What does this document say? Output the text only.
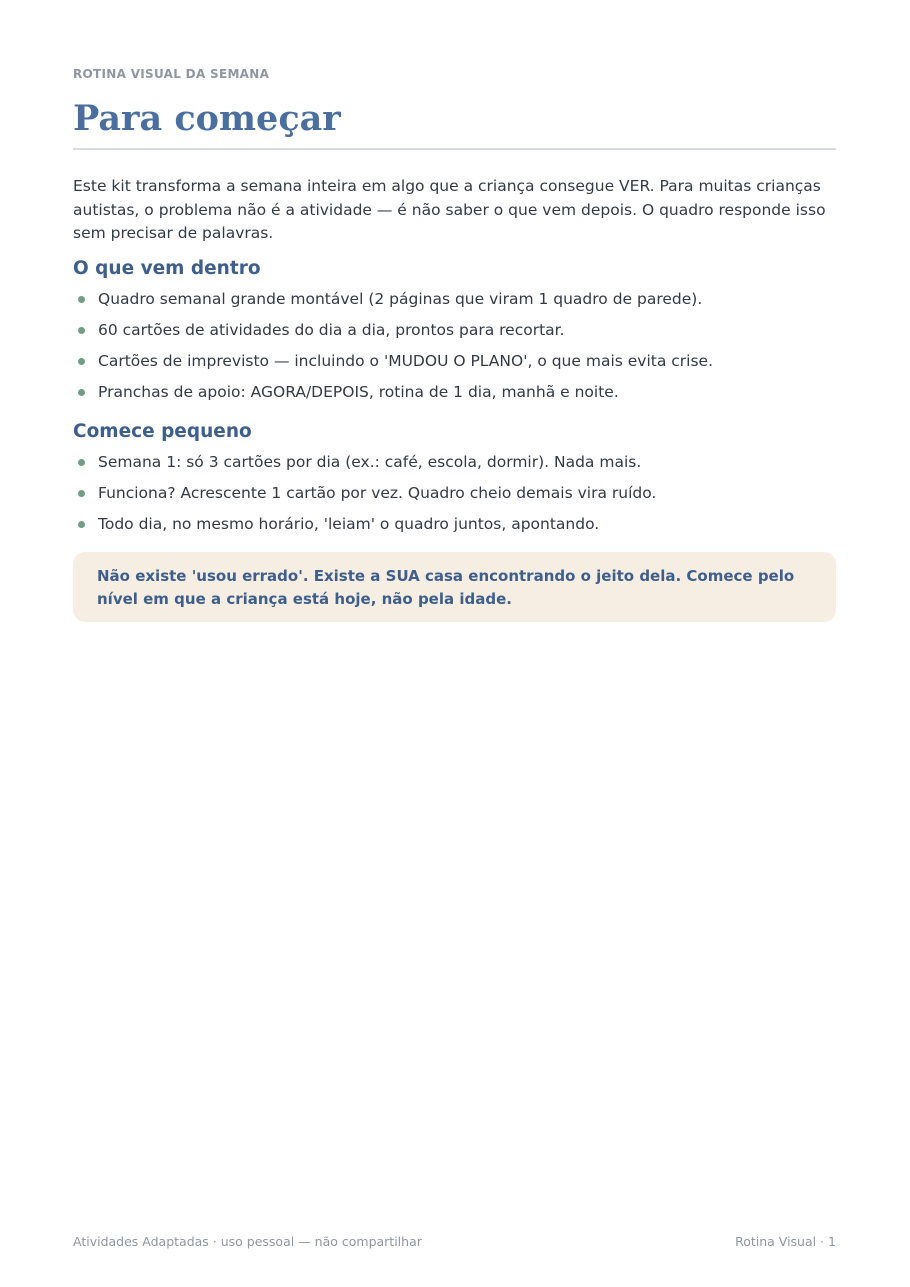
ROTINA VISUAL DA SEMANA
Para começar

Este kit transforma a semana inteira em algo que a criança consegue VER. Para muitas crianças autistas, o problema não é a atividade — é não saber o que vem depois. O quadro responde isso sem precisar de palavras.

O que vem dentro
Quadro semanal grande montável (2 páginas que viram 1 quadro de parede).
60 cartões de atividades do dia a dia, prontos para recortar.
Cartões de imprevisto — incluindo o 'MUDOU O PLANO', o que mais evita crise.
Pranchas de apoio: AGORA/DEPOIS, rotina de 1 dia, manhã e noite.
Comece pequeno
Semana 1: só 3 cartões por dia (ex.: café, escola, dormir). Nada mais.
Funciona? Acrescente 1 cartão por vez. Quadro cheio demais vira ruído.
Todo dia, no mesmo horário, 'leiam' o quadro juntos, apontando.

Não existe 'usou errado'. Existe a SUA casa encontrando o jeito dela. Comece pelo nível em que a criança está hoje, não pela idade.

Atividades Adaptadas · uso pessoal — não compartilhar	Rotina Visual · 1
